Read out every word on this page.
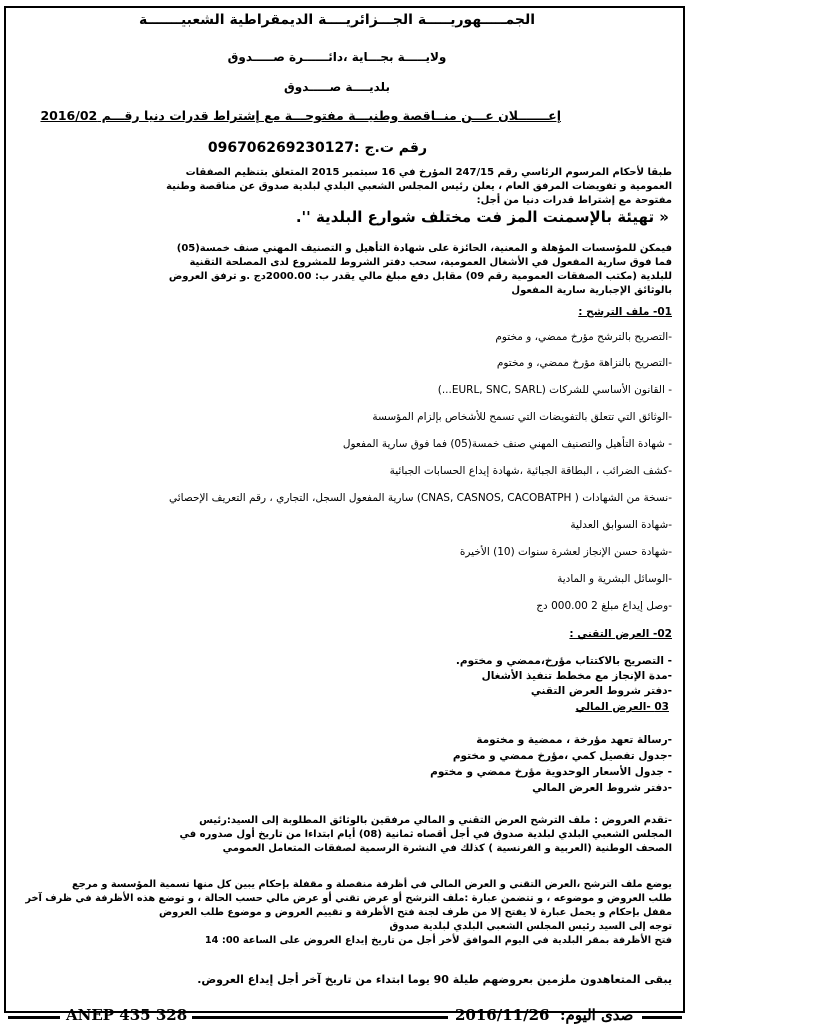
الجمـــــهوريـــــة الجـــزائريــــة الديمقراطية الشعبيـــــــة
ولايـــــة بجـــاية ،دائــــــرة صـــــدوق
بلديــــة صـــــدوق
إعـــــــلان عـــن منــاقصة وطنيـــة مفتوحـــة مع إشتراط قدرات دنيا رقـــم 2016/02
رقم ت.ج :096706269230127
طبقا لأحكام المرسوم الرئاسي رقم 247/15 المؤرخ في 16 سبتمبر 2015 المتعلق بتنظيم الصفقات العمومية و تفويضات المرفق العام ، يعلن رئيس المجلس الشعبي البلدي لبلدية صدوق عن مناقصة وطنية مفتوحة مع إشتراط قدرات دنيا من أجل:
« تهيئة بالإسمنت المز فت مختلف شوارع البلدية ''.
فيمكن للمؤسسات المؤهلة و المعنية، الحائزة على شهادة التأهيل و التصنيف المهني صنف خمسة(05) فما فوق سارية المفعول في الأشغال العمومية، سحب دفتر الشروط للمشروع لدى المصلحة التقنية للبلدية (مكتب الصفقات العمومية رقم 09) مقابل دفع مبلغ مالي يقدر ب: 2000.00دج .و ترفق العروض بالوثائق الإجبارية سارية المفعول
01- ملف الترشح :
-التصريح بالترشح مؤرخ ممضي، و مختوم
-التصريح بالنزاهة مؤرخ ممضي، و مختوم
- القانون الأساسي للشركات (EURL, SNC, SARL...)
-الوثائق التي تتعلق بالتفويضات التي تسمح للأشخاص بإلزام المؤسسة
- شهادة التأهيل والتصنيف المهني صنف خمسة(05) فما فوق سارية المفعول
-كشف الضرائب ، البطاقة الجبائية ،شهادة إيداع الحسابات الجبائية
-نسخة من الشهادات ( CNAS, CASNOS, CACOBATPH) سارية المفعول السجل، التجاري ، رقم التعريف الإحصائي
-شهادة السوابق العدلية
-شهادة حسن الإنجاز لعشرة سنوات (10) الأخيرة
-الوسائل البشرية و المادية
-وصل إيداع مبلغ 2 000.00 دج
02- العرض التقني :
- التصريح بالاكتتاب مؤرخ،ممضي و مختوم.
-مدة الإنجاز مع مخطط تنفيذ الأشغال
-دفتر شروط العرض التقني
03 -العرض المالي
-رسالة تعهد مؤرخة ، ممضية و مختومة
-جدول تفصيل كمي ،مؤرخ ممضي و مختوم
- جدول الأسعار الوحدوية مؤرخ ممضي و مختوم
-دفتر شروط العرض المالي
-تقدم العروض : ملف الترشح العرض التقني و المالي مرفقين بالوثائق المطلوبة إلى السيد:رئيس المجلس الشعبي البلدي لبلدية صدوق في أجل أقصاه ثمانية (08) أيام ابتداءا من تاريخ أول صدوره في الصحف الوطنية (العربية و الفرنسية ) كذلك في النشرة الرسمية لصفقات المتعامل العمومي
يوضع ملف الترشح ،العرض التقني و العرض المالي في أظرفة منفصلة و مقفلة بإحكام يبين كل منها تسمية المؤسسة و مرجع
طلب العروض و موضوعه ، و تتضمن عبارة :ملف الترشح أو عرض تقني أو عرض مالي حسب الحالة ، و توضع هذه الأظرفة في ظرف آخر
مقفل بإحكام و يحمل عبارة لا يفتح إلا من طرف لجنة فتح الأظرفة و تقييم العروض و موضوع طلب العروض
توجه إلى السيد رئيس المجلس الشعبي البلدي لبلدية صدوق
فتح الأظرفة بمقر البلدية في اليوم الموافق لأخر أجل من تاريخ إيداع العروض على الساعة 00: 14
يبقى المتعاهدون ملزمين بعروضهم طيلة 90 يوما ابتداء من تاريخ آخر أجل إيداع العروض.
ANEP 435 328	2016/11/26 صدى اليوم:
